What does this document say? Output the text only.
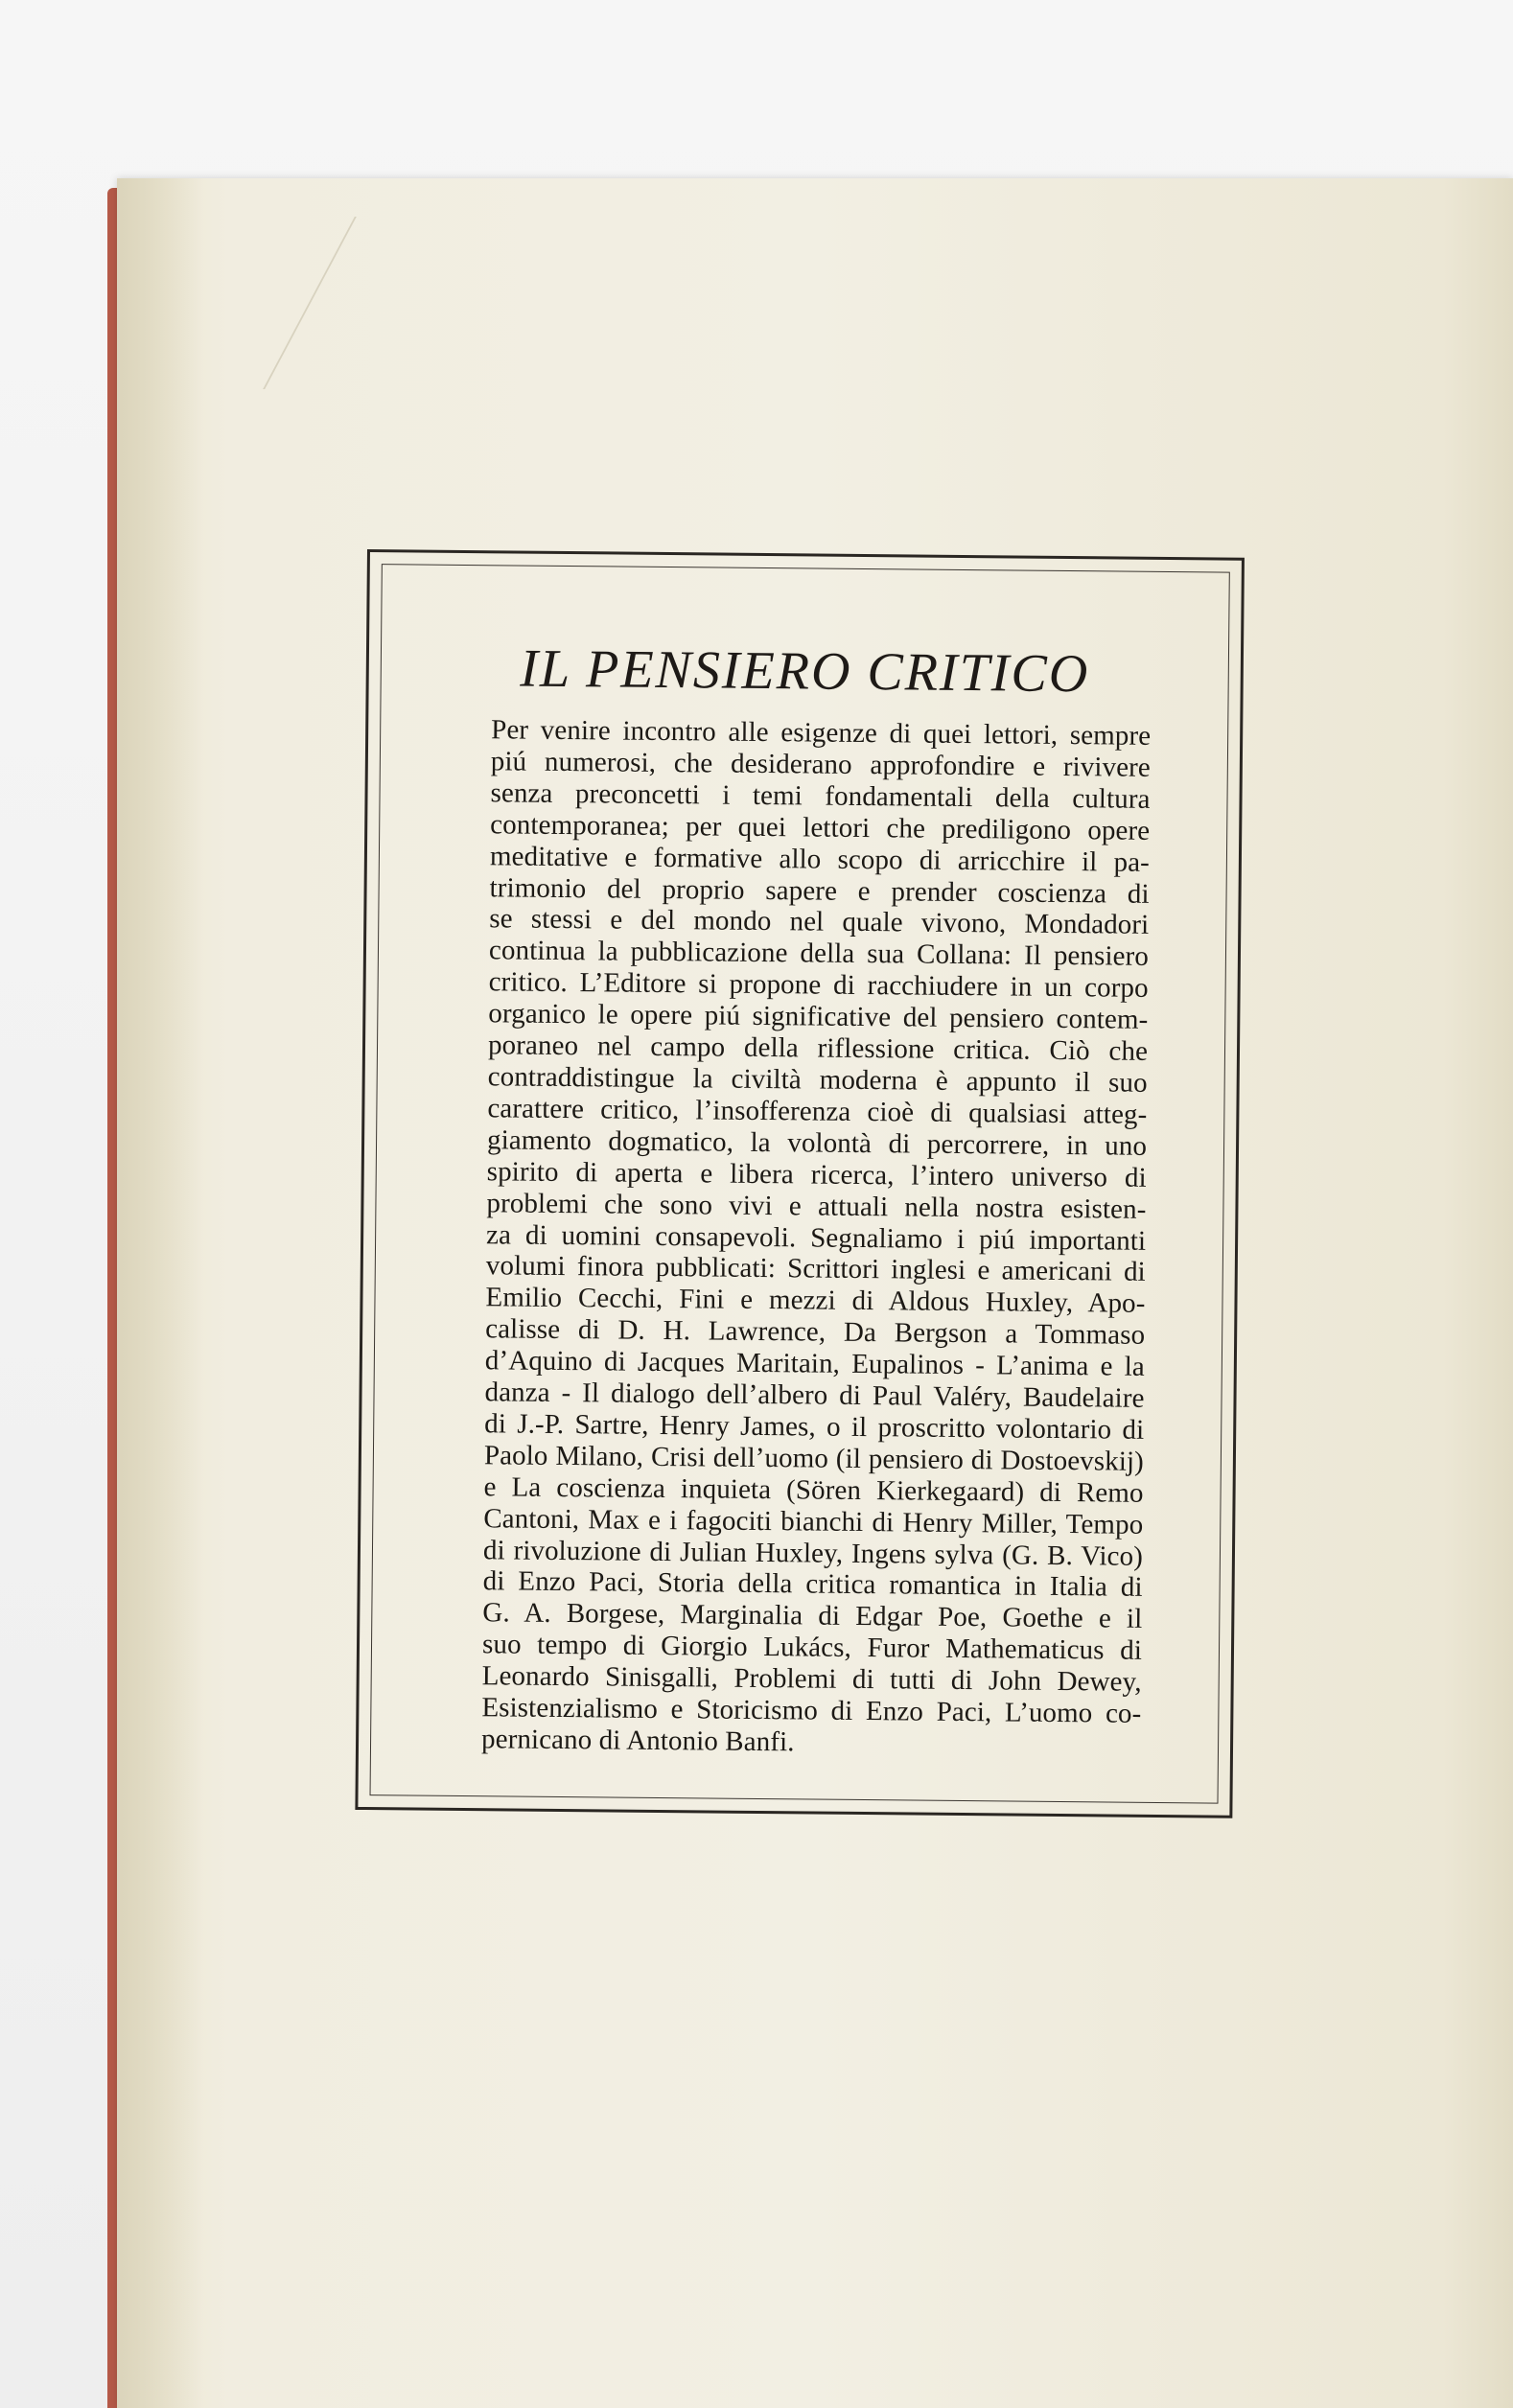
IL PENSIERO CRITICO
Per venire incontro alle esigenze di quei lettori, sempre
piú numerosi, che desiderano approfondire e rivivere
senza preconcetti i temi fondamentali della cultura
contemporanea; per quei lettori che prediligono opere
meditative e formative allo scopo di arricchire il pa-
trimonio del proprio sapere e prender coscienza di
se stessi e del mondo nel quale vivono, Mondadori
continua la pubblicazione della sua Collana: Il pensiero
critico. L’Editore si propone di racchiudere in un corpo
organico le opere piú significative del pensiero contem-
poraneo nel campo della riflessione critica. Ciò che
contraddistingue la civiltà moderna è appunto il suo
carattere critico, l’insofferenza cioè di qualsiasi atteg-
giamento dogmatico, la volontà di percorrere, in uno
spirito di aperta e libera ricerca, l’intero universo di
problemi che sono vivi e attuali nella nostra esisten-
za di uomini consapevoli. Segnaliamo i piú importanti
volumi finora pubblicati: Scrittori inglesi e americani di
Emilio Cecchi, Fini e mezzi di Aldous Huxley, Apo-
calisse di D. H. Lawrence, Da Bergson a Tommaso
d’Aquino di Jacques Maritain, Eupalinos - L’anima e la
danza - Il dialogo dell’albero di Paul Valéry, Baudelaire
di J.-P. Sartre, Henry James, o il proscritto volontario di
Paolo Milano, Crisi dell’uomo (il pensiero di Dostoevskij)
e La coscienza inquieta (Sören Kierkegaard) di Remo
Cantoni, Max e i fagociti bianchi di Henry Miller, Tempo
di rivoluzione di Julian Huxley, Ingens sylva (G. B. Vico)
di Enzo Paci, Storia della critica romantica in Italia di
G. A. Borgese, Marginalia di Edgar Poe, Goethe e il
suo tempo di Giorgio Lukács, Furor Mathematicus di
Leonardo Sinisgalli, Problemi di tutti di John Dewey,
Esistenzialismo e Storicismo di Enzo Paci, L’uomo co-
pernicano di Antonio Banfi.
